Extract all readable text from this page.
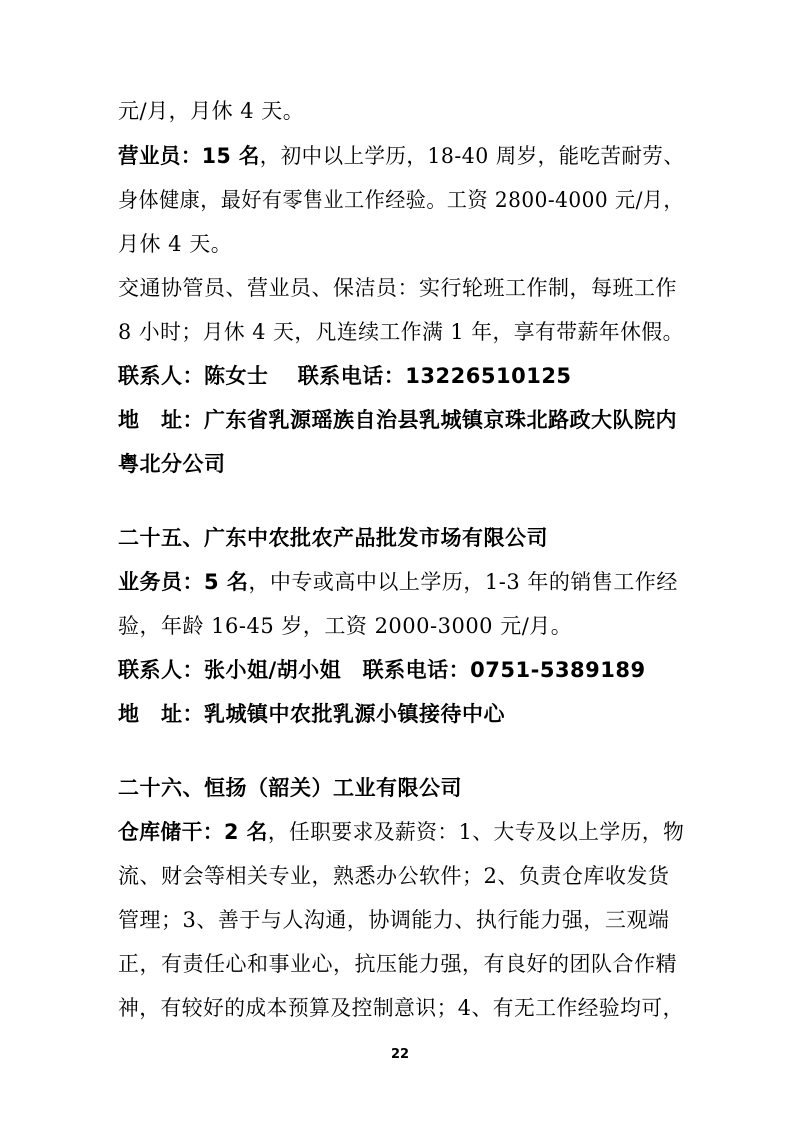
元/月，月休 4 天。
营业员：15 名，初中以上学历，18-40 周岁，能吃苦耐劳、
身体健康，最好有零售业工作经验。工资 2800-4000 元/月，
月休 4 天。
交通协管员、营业员、保洁员：实行轮班工作制，每班工作
8 小时；月休 4 天，凡连续工作满 1 年，享有带薪年休假。
联系人：陈女士　 联系电话：13226510125
地　址：广东省乳源瑶族自治县乳城镇京珠北路政大队院内
粤北分公司
二十五、广东中农批农产品批发市场有限公司
业务员：5 名，中专或高中以上学历，1-3 年的销售工作经
验，年龄 16-45 岁，工资 2000-3000 元/月。
联系人：张小姐/胡小姐　联系电话：0751-5389189
地　址：乳城镇中农批乳源小镇接待中心
二十六、恒扬（韶关）工业有限公司
仓库储干：2 名，任职要求及薪资：1、大专及以上学历，物
流、财会等相关专业，熟悉办公软件；2、负责仓库收发货
管理；3、善于与人沟通，协调能力、执行能力强，三观端
正，有责任心和事业心，抗压能力强，有良好的团队合作精
神，有较好的成本预算及控制意识；4、有无工作经验均可，
22
